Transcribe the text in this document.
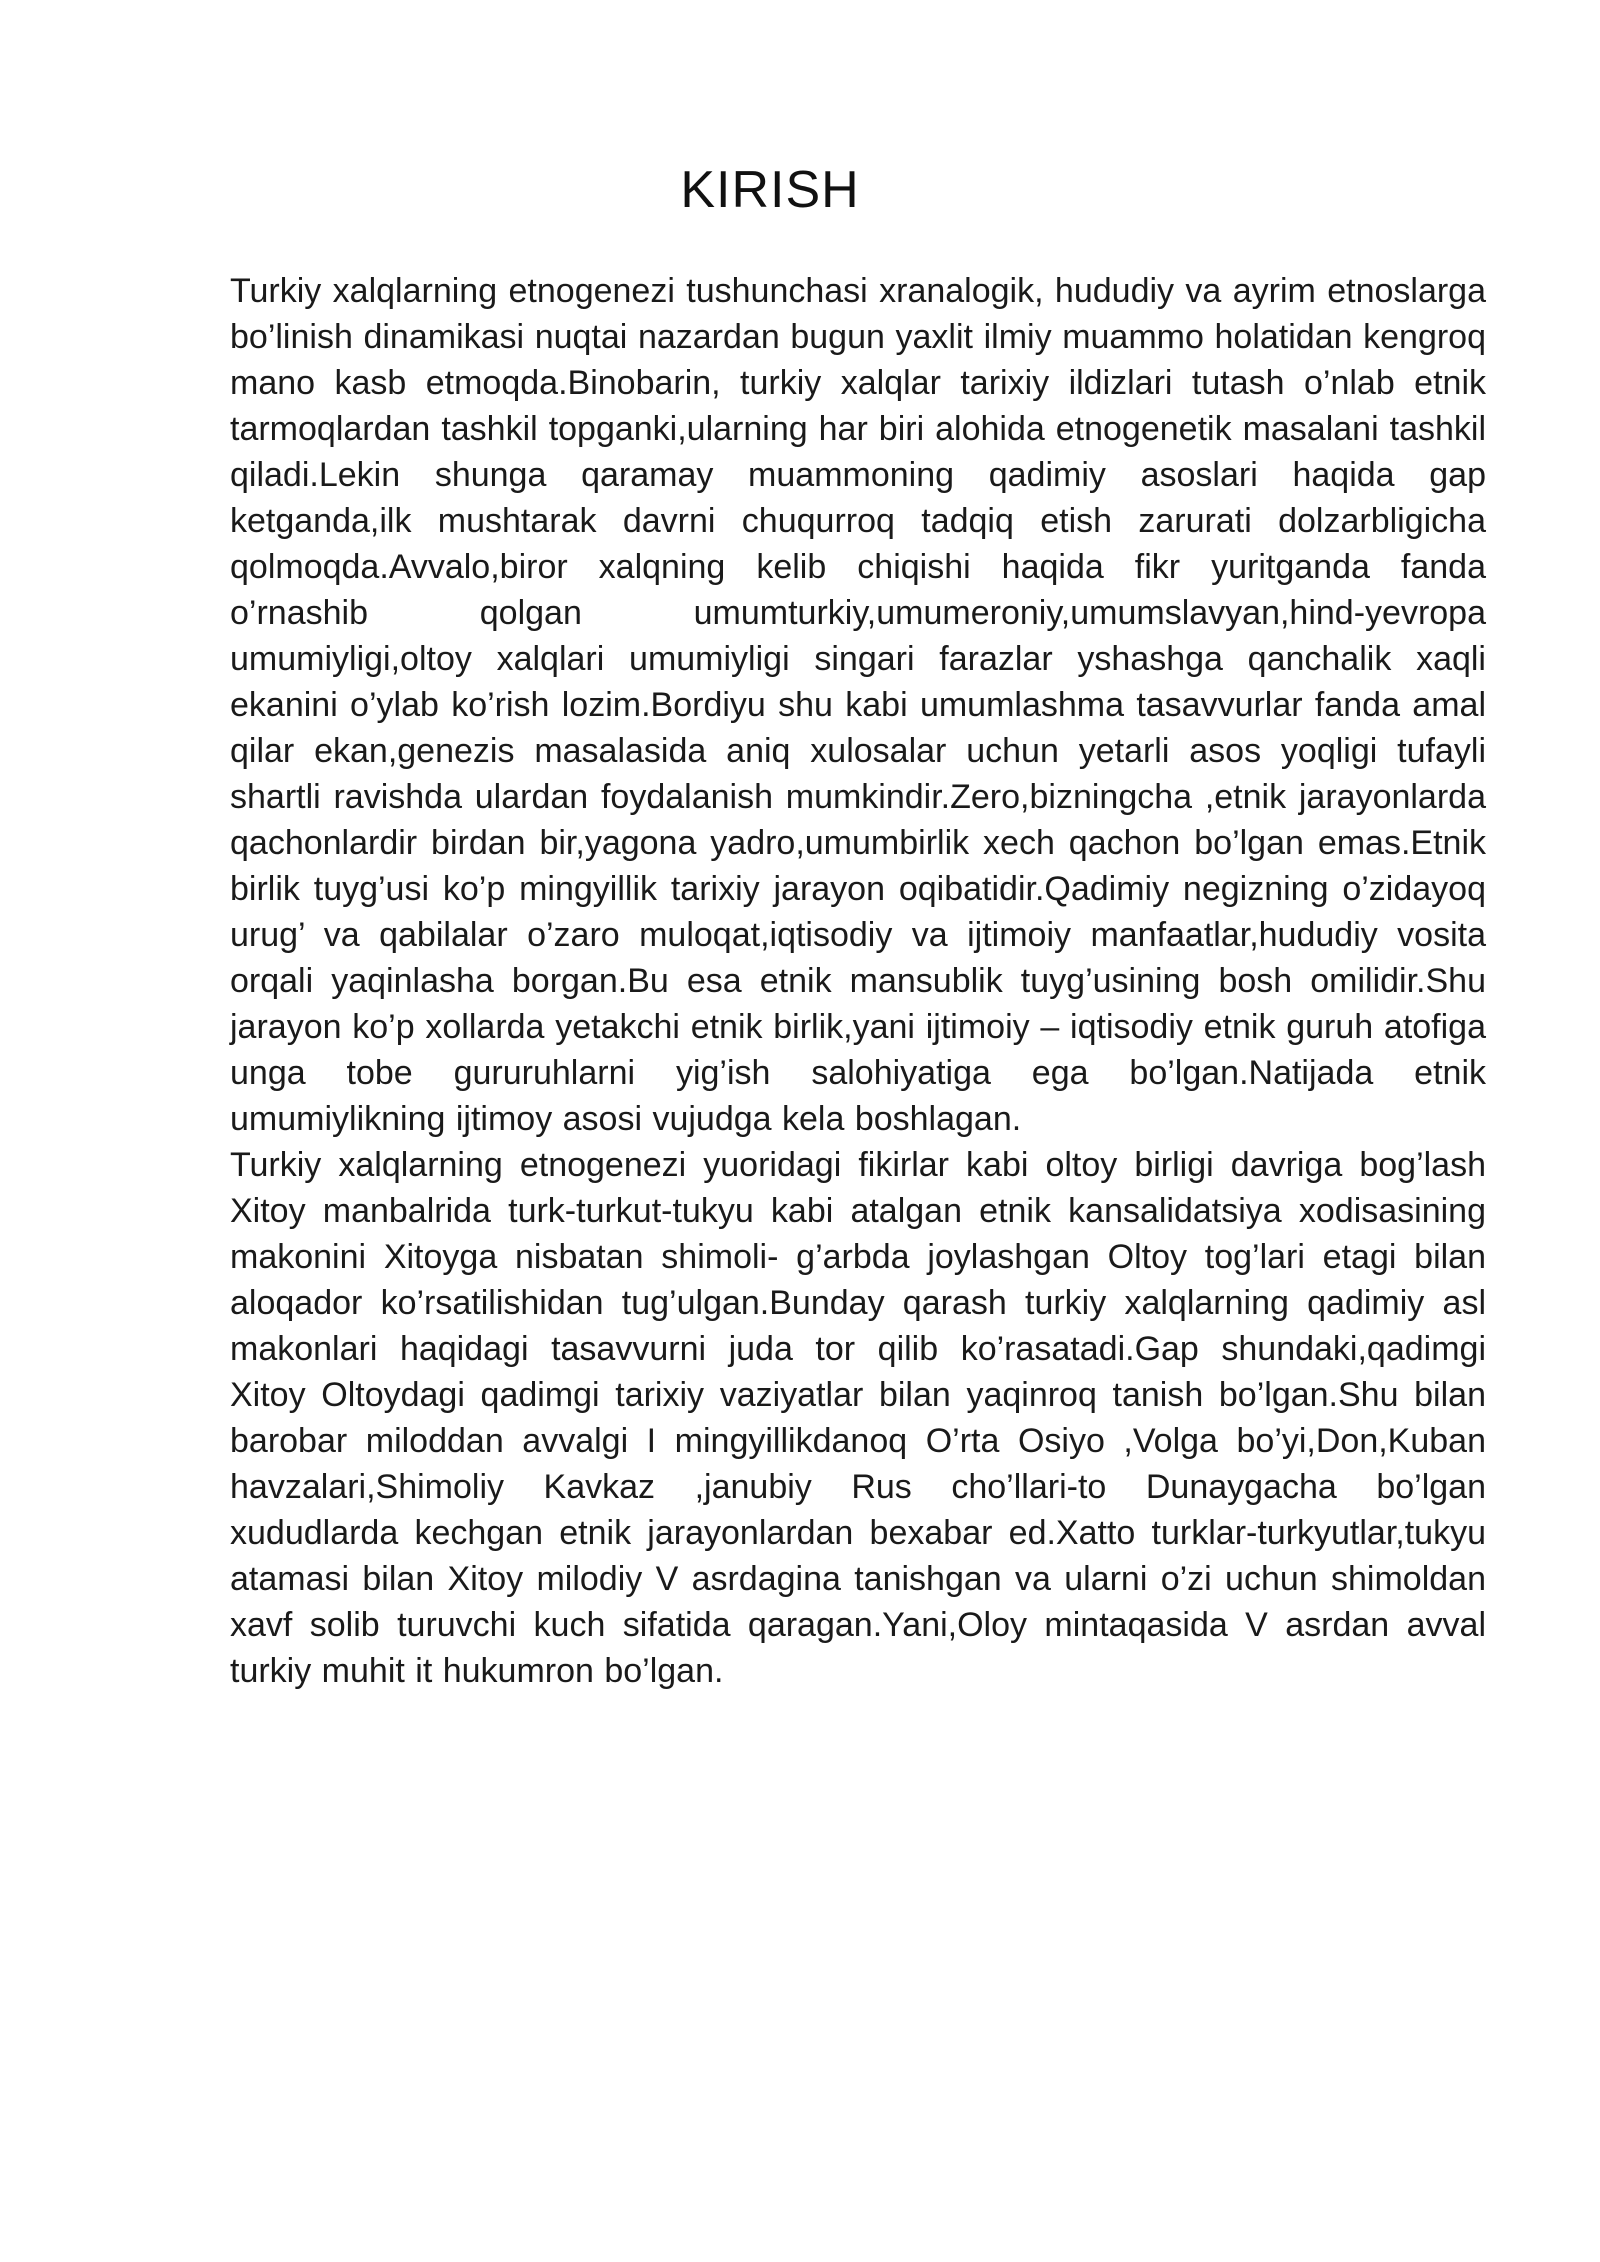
KIRISH

Turkiy xalqlarning etnogenezi tushunchasi xranalogik, hududiy va ayrim etnoslarga bo’linish dinamikasi nuqtai nazardan bugun yaxlit ilmiy muammo holatidan kengroq mano kasb etmoqda.Binobarin, turkiy xalqlar tarixiy ildizlari tutash o’nlab etnik tarmoqlardan tashkil topganki,ularning har biri alohida etnogenetik masalani tashkil qiladi.Lekin shunga qaramay muammoning qadimiy asoslari haqida gap ketganda,ilk mushtarak davrni chuqurroq tadqiq etish zarurati dolzarbligicha qolmoqda.Avvalo,biror xalqning kelib chiqishi haqida fikr yuritganda fanda o’rnashib qolgan umumturkiy,umumeroniy,umumslavyan,hind-yevropa umumiyligi,oltoy xalqlari umumiyligi singari farazlar yshashga qanchalik xaqli ekanini o’ylab ko’rish lozim.Bordiyu shu kabi umumlashma tasavvurlar fanda amal qilar ekan,genezis masalasida aniq xulosalar uchun yetarli asos yoqligi tufayli shartli ravishda ulardan foydalanish mumkindir.Zero,bizningcha ,etnik jarayonlarda qachonlardir birdan bir,yagona yadro,umumbirlik xech qachon bo’lgan emas.Etnik birlik tuyg’usi ko’p mingyillik tarixiy jarayon oqibatidir.Qadimiy negizning o’zidayoq urug’ va qabilalar o’zaro muloqat,iqtisodiy va ijtimoiy manfaatlar,hududiy vosita orqali yaqinlasha borgan.Bu esa etnik mansublik tuyg’usining bosh omilidir.Shu jarayon ko’p xollarda yetakchi etnik birlik,yani ijtimoiy – iqtisodiy etnik guruh atofiga unga tobe gururuhlarni yig’ish salohiyatiga ega bo’lgan.Natijada etnik umumiylikning ijtimoy asosi vujudga kela boshlagan.

Turkiy xalqlarning etnogenezi yuoridagi fikirlar kabi oltoy birligi davriga bog’lash Xitoy manbalrida turk-turkut-tukyu kabi atalgan etnik kansalidatsiya xodisasining makonini Xitoyga nisbatan shimoli- g’arbda joylashgan Oltoy tog’lari etagi bilan aloqador ko’rsatilishidan tug’ulgan.Bunday qarash turkiy xalqlarning qadimiy asl makonlari haqidagi tasavvurni juda tor qilib ko’rasatadi.Gap shundaki,qadimgi Xitoy Oltoydagi qadimgi tarixiy vaziyatlar bilan yaqinroq tanish bo’lgan.Shu bilan barobar miloddan avvalgi I mingyillikdanoq O’rta Osiyo ,Volga bo’yi,Don,Kuban havzalari,Shimoliy Kavkaz ,janubiy Rus cho’llari-to Dunaygacha bo’lgan xududlarda kechgan etnik jarayonlardan bexabar ed.Xatto turklar-turkyutlar,tukyu atamasi bilan Xitoy milodiy V asrdagina tanishgan va ularni o’zi uchun shimoldan xavf solib turuvchi kuch sifatida qaragan.Yani,Oloy mintaqasida V asrdan avval turkiy muhit it hukumron bo’lgan.
